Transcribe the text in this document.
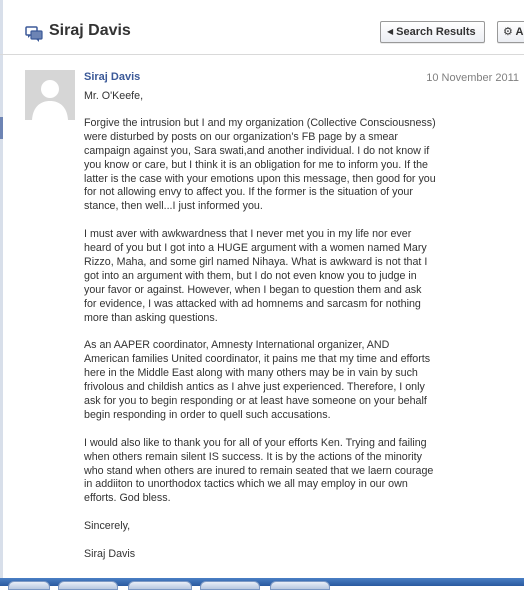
Siraj Davis	◀ Search Results	⚙ A
Siraj Davis	10 November 2011

Mr. O'Keefe,

Forgive the intrusion but I and my organization (Collective Consciousness) were disturbed by posts on our organization's FB page by a smear campaign against you, Sara swati,and another individual. I do not know if you know or care, but I think it is an obligation for me to inform you. If the latter is the case with your emotions upon this message, then good for you for not allowing envy to affect you. If the former is the situation of your stance, then well...I just informed you.

I must aver with awkwardness that I never met you in my life nor ever heard of you but I got into a HUGE argument with a women named Mary Rizzo, Maha, and some girl named Nihaya. What is awkward is not that I got into an argument with them, but I do not even know you to judge in your favor or against. However, when I began to question them and ask for evidence, I was attacked with ad homnems and sarcasm for nothing more than asking questions.

As an AAPER coordinator, Amnesty International organizer, AND American families United coordinator, it pains me that my time and efforts here in the Middle East along with many others may be in vain by such frivolous and childish antics as I ahve just experienced. Therefore, I only ask for you to begin responding or at least have someone on your behalf begin responding in order to quell such accusations.

I would also like to thank you for all of your efforts Ken. Trying and failing when others remain silent IS success. It is by the actions of the minority who stand when others are inured to remain seated that we laern courage in addiiton to unorthodox tactics which we all may employ in our own efforts. God bless.

Sincerely,

Siraj Davis
